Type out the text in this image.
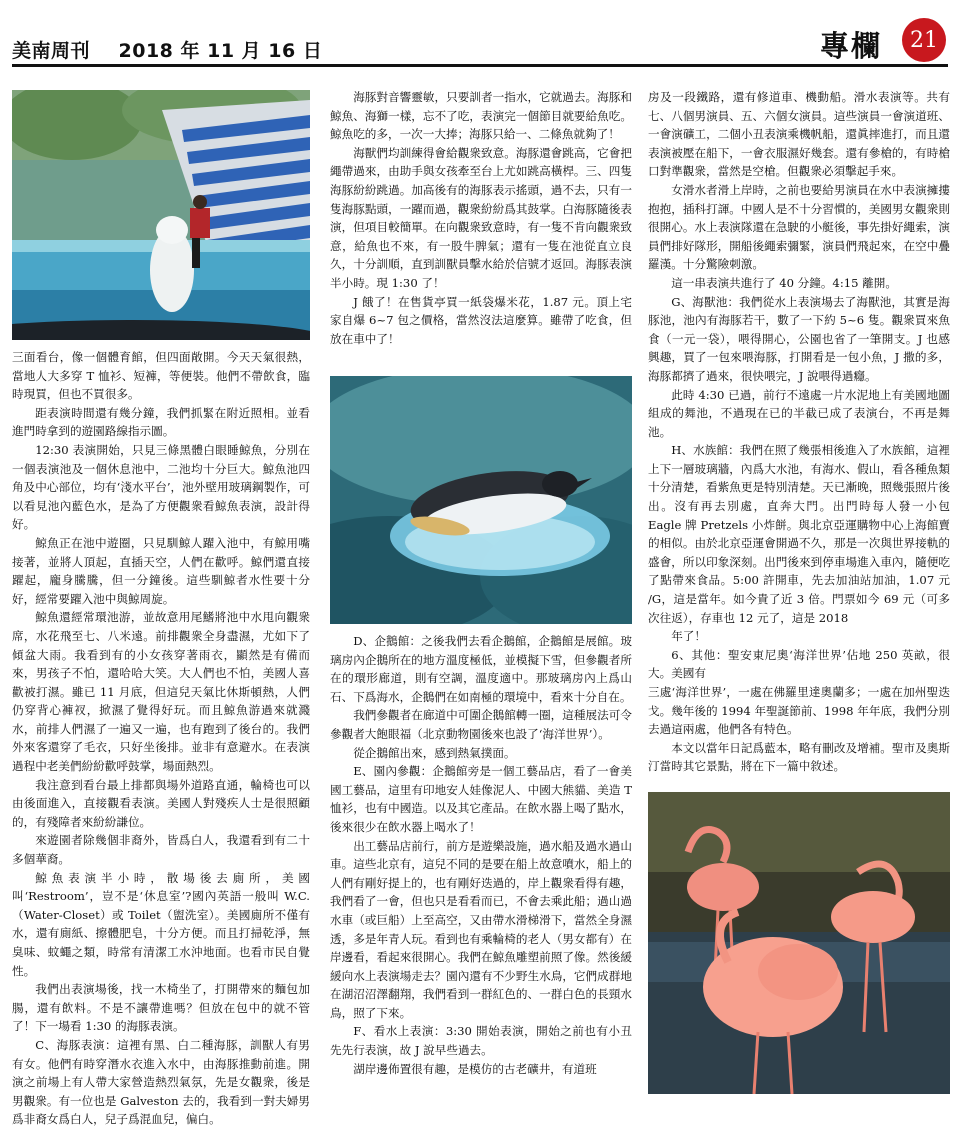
美南周刊 2018 年 11 月 16 日	專欄	21

三面看台，像一個體育館，但四面敞開。今天天氣很熱，當地人大多穿 T 恤衫、短褲，等便裝。他們不帶飲食，臨時現買，但也不買很多。

距表演時間還有幾分鐘，我們抓緊在附近照相。並看進門時拿到的遊園路線指示圖。

12:30 表演開始，只見三條黑體白眼睡鯨魚，分別在一個表演池及一個休息池中，二池均十分巨大。鯨魚池四角及中心部位，均有‘淺水平台’，池外壁用玻璃鋼製作，可以看見池內藍色水，是為了方便觀衆看鯨魚表演，設計得好。

鯨魚正在池中遊圈，只見馴鯨人躍入池中，有鯨用嘴接著，並將人頂起，直插天空，人們在歡呼。鯨們還直接躍起，龐身騰騰，但一分鐘後。這些馴鯨者水性要十分好，經常要躍入池中與鯨周旋。

鯨魚還經常環池游，並故意用尾鰭將池中水甩向觀衆席，水花飛至七、八米遠。前排觀衆全身盡濕，尤如下了傾盆大雨。我看到有的小女孩穿著雨衣，顯然是有備而來，男孩子不怕，還哈哈大笑。大人們也不怕，美國人喜歡被打濕。雖已 11 月底，但這兒天氣比休斯頓熱，人們仍穿背心褲衩，掀濕了覺得好玩。而且鯨魚游過來就濺水，前排人們濕了一遍又一遍，也有跑到了後台的。我們外來客還穿了毛衣，只好坐後排。並非有意避水。在表演過程中老美們紛紛歡呼鼓掌，場面熱烈。

我注意到看台最上排都與場外道路直通，輪椅也可以由後面進入，直接觀看表演。美國人對殘疾人士是很照顧的，有殘障者來紛紛謙位。

來遊園者除幾個非裔外，皆爲白人，我還看到有二十多個華裔。

鯨魚表演半小時，散場後去廁所，美國叫‘Restroom’，豈不是‘休息室’?國內英語一般叫 W.C.（Water-Closet）或 Toilet（盥洗室）。美國廁所不僅有水，還有廁紙、擦體肥皂，十分方便。而且打掃乾淨，無臭味、蚊蠅之類，時常有清潔工水沖地面。也看市民自覺性。

我們出表演場後，找一木椅坐了，打開帶來的麵包加腸，還有飲料。不是不讓帶進嗎？但放在包中的就不管了！下一場看 1:30 的海豚表演。

C、海豚表演：這裡有黑、白二種海豚，訓獸人有男有女。他們有時穿潛水衣進入水中，由海豚推動前進。開演之前場上有人帶大家營造熱烈氣氛，先是女觀衆，後是男觀衆。有一位也是 Galveston 去的，我看到一對夫婦男爲非裔女爲白人，兒子爲混血兒，偏白。

海豚對音響靈敏，只要訓者一指水，它就過去。海豚和鯨魚、海獅一樣，忘不了吃，表演完一個節目就要給魚吃。鯨魚吃的多，一次一大捧；海豚只給一、二條魚就夠了！

海獸們均訓練得會給觀衆致意。海豚還會跳高，它會把繩帶過來，由助手與女孩牽至台上尤如跳高橫桿。三、四隻海豚紛紛跳過。加高後有的海豚表示搖頭，過不去，只有一隻海豚點頭，一躍而過，觀衆紛紛爲其鼓掌。白海豚隨後表演，但項目較簡單。在向觀衆致意時，有一隻不肯向觀衆致意，給魚也不來，有一股牛脾氣；還有一隻在池從直立良久，十分訓順，直到訓獸員擊水給於信號才返回。海豚表演半小時。現 1:30 了！

J 餓了！在售貨亭買一紙袋爆米花，1.87 元。頂上宅家自爆 6~7 包之價格，當然沒法這麼算。雖帶了吃食，但放在車中了！

D、企鵝館：之後我們去看企鵝館，企鵝館是展館。玻璃房內企鵝所在的地方溫度極低，並模擬下雪，但參觀者所在的環形廊道，則有空調，溫度適中。那玻璃房內上爲山石、下爲海水，企鵝們在如南極的環境中，看來十分自在。

我們參觀者在廊道中可圍企鵝館轉一圈，這種展法可令參觀者大飽眼福（北京動物園後來也設了‘海洋世界’）。

從企鵝館出來，感到熱氣撲面。

E、園內參觀：企鵝館旁是一個工藝品店，看了一會美國工藝品，這里有印地安人娃像泥人、中國大熊貓、美造 T 恤衫，也有中國造。以及其它產品。在飲水器上喝了點水，後來很少在飲水器上喝水了！

出工藝品店前行，前方是遊樂設施，過水船及過水過山車。這些北京有，這兒不同的是要在船上故意噴水，船上的人們有剛好提上的，也有剛好迭過的，岸上觀衆看得有趣，我們看了一會，但也只是看看而已，不會去乘此船；過山過水車（或巨船）上至高空，又由帶水滑梯滑下，當然全身濕透，多是年青人玩。看到也有乘輪椅的老人（男女都有）在岸邊看，看起來很開心。我們在鯨魚雕塑前照了像。然後緩緩向水上表演場走去？園內還有不少野生水鳥，它們成群地在湖沼沼澤翻翔，我們看到一群紅色的、一群白色的長頸水鳥，照了下來。

F、看水上表演：3:30 開始表演，開始之前也有小丑先先行表演，故 J 說早些過去。

湖岸邊佈置很有趣，是模仿的古老礦井，有道班

房及一段鐵路，還有修道車、機動船。滑水表演等。共有七、八個男演員、五、六個女演員。這些演員一會演道班、一會演礦工，二個小丑表演乘機帆船，還眞摔進打，而且還表演被壓在船下，一會衣服濕好幾套。還有參槍的，有時槍口對準觀衆，當然是空槍。但觀衆必須擊起手來。

女滑水者滑上岸時，之前也要給男演員在水中表演擁摟抱抱，插科打諢。中國人是不十分習慣的，美國男女觀衆則很開心。水上表演隊還在急駛的小艇後，事先掛好繩索，演員們排好隊形，開船後繩索彌緊，演員們飛起來，在空中疊羅漢。十分驚險刺激。

這一串表演共進行了 40 分鐘。4:15 離開。

G、海獸池：我們從水上表演場去了海獸池，其實是海豚池，池內有海豚若干，數了一下約 5~6 隻。觀衆買來魚食（一元一袋），喂得開心，公園也省了一筆開支。J 也感興趣，買了一包來喂海豚，打開看是一包小魚，J 撒的多，海豚都擠了過來，很快喂完，J 說喂得過癮。

此時 4:30 已過，前行不遠處一片水泥地上有美國地圖組成的舞池，不過現在已的半截已成了表演台，不再是舞池。

H、水族館：我們在照了幾張相後進入了水族館，這裡上下一層玻璃牆，內爲大水池，有海水、假山，看各種魚類十分清楚，看紫魚更是特別清楚。天已漸晚，照幾張照片後出。沒有再去別處，直奔大門。出門時每人發一小包 Eagle 牌 Pretzels 小炸餅。與北京亞運購物中心上海館賣的相似。由於北京亞運會開過不久，那是一次與世界接軌的盛會，所以印象深刻。出門後來到停車場進入車內，隨便吃了點帶來食品。5:00 許開車，先去加油站加油，1.07 元 /G，這是當年。如今貴了近 3 倍。門票如今 69 元（可多次往返），存車也 12 元了，這是 2018

年了！

6、其他：聖安東尼奧‘海洋世界’佔地 250 英畝，很大。美國有

三處‘海洋世界’，一處在佛羅里達奧蘭多；一處在加州聖迭戈。幾年後的 1994 年聖誕節前、1998 年年底，我們分別去過這兩處，他們各有特色。

本文以當年日記爲藍本，略有刪改及增補。聖市及奧斯汀當時其它景點，將在下一篇中敘述。
